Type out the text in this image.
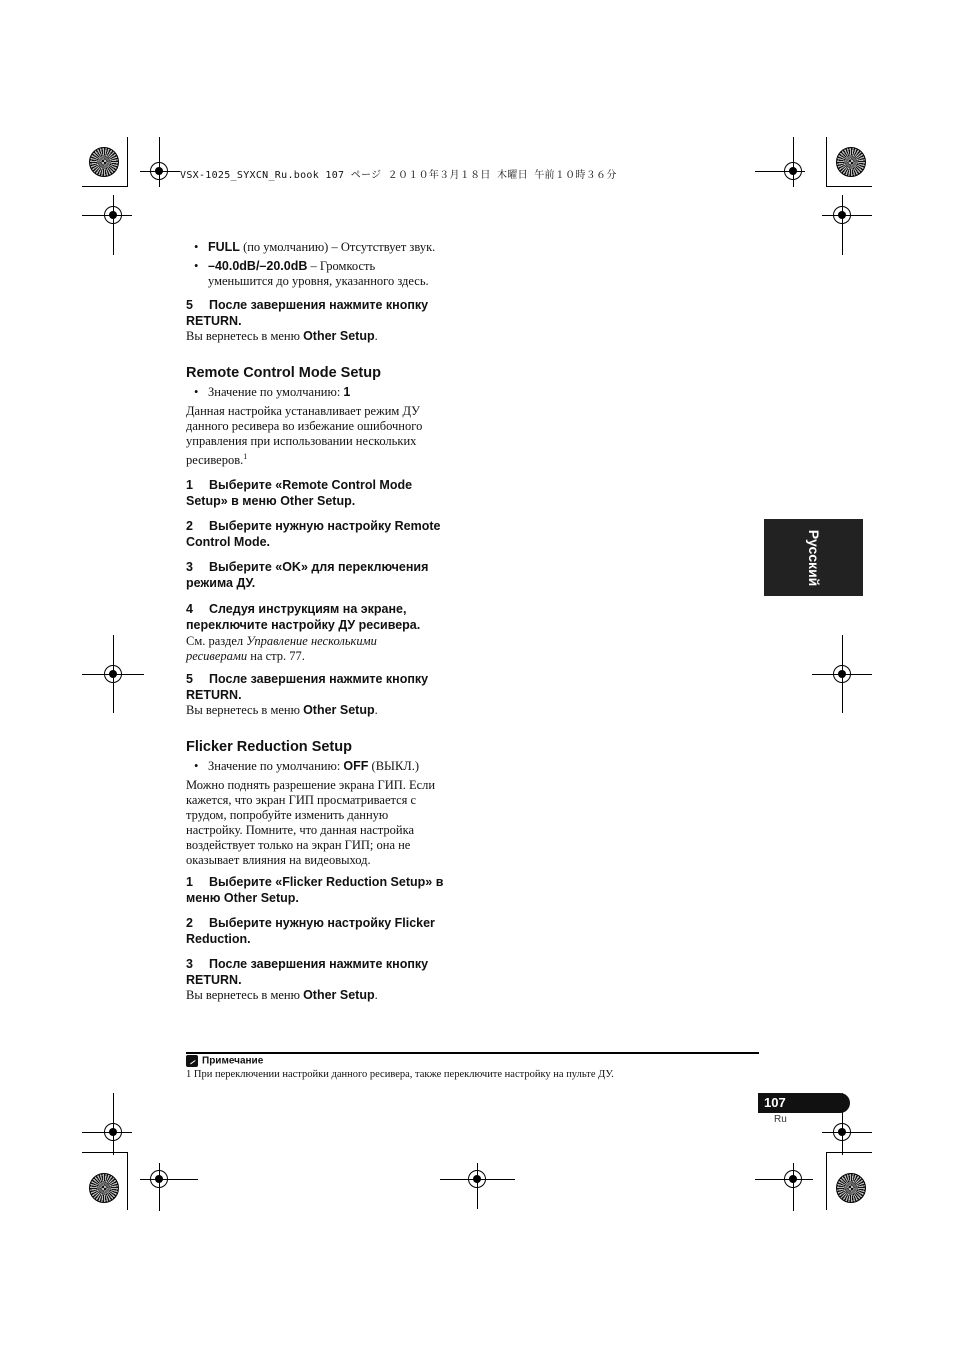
VSX-1025_SYXCN_Ru.book 107 ページ ２０１０年３月１８日 木曜日 午前１０時３６分
• FULL (по умолчанию) – Отсутствует звук.
• –40.0dB/–20.0dB – Громкость
уменьшится до уровня, указанного здесь.
5 После завершения нажмите кнопку
RETURN.
Вы вернетесь в меню Other Setup.
Remote Control Mode Setup
• Значение по умолчанию: 1
Данная настройка устанавливает режим ДУ
данного ресивера во избежание ошибочного
управления при использовании нескольких
ресиверов.$^1$
1 Выберите «Remote Control Mode
Setup» в меню Other Setup.
2 Выберите нужную настройку Remote
Control Mode.
3 Выберите «OK» для переключения
режима ДУ.
4 Следуя инструкциям на экране,
переключите настройку ДУ ресивера.
См. раздел Управление несколькими
ресиверами на стр. 77.
5 После завершения нажмите кнопку
RETURN.
Вы вернетесь в меню Other Setup.
Flicker Reduction Setup
• Значение по умолчанию: OFF (ВЫКЛ.)
Можно поднять разрешение экрана ГИП. Если
кажется, что экран ГИП просматривается с
трудом, попробуйте изменить данную
настройку. Помните, что данная настройка
воздействует только на экран ГИП; она не
оказывает влияния на видеовыход.
1 Выберите «Flicker Reduction Setup» в
меню Other Setup.
2 Выберите нужную настройку Flicker
Reduction.
3 После завершения нажмите кнопку
RETURN.
Вы вернетесь в меню Other Setup.
Русский
Примечание
1 При переключении настройки данного ресивера, также переключите настройку на пульте ДУ.
107
Ru
